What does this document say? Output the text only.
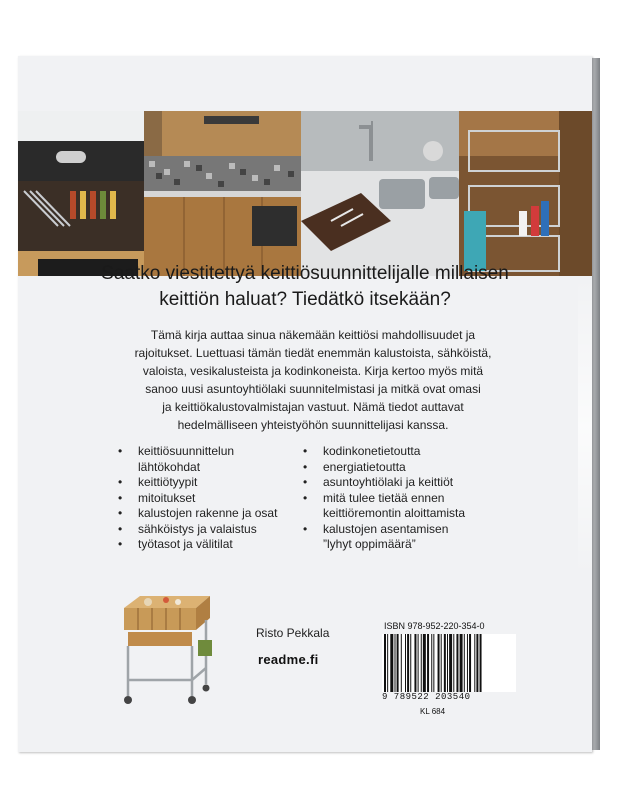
Saatko viestitettyä keittiösuunnittelijalle millaisen
keittiön haluat? Tiedätkö itsekään?
Tämä kirja auttaa sinua näkemään keittiösi mahdollisuudet ja
rajoitukset. Luettuasi tämän tiedät enemmän kalustoista, sähköistä,
valoista, vesikalusteista ja kodinkoneista. Kirja kertoo myös mitä
sanoo uusi asuntoyhtiölaki suunnitelmistasi ja mitkä ovat omasi
ja keittiökalustovalmistajan vastuut. Nämä tiedot auttavat
hedelmälliseen yhteistyöhön suunnittelijasi kanssa.
• keittiösuunnittelun
lähtökohdat
• keittiötyypit
• mitoitukset
• kalustojen rakenne ja osat
• sähköistys ja valaistus
• työtasot ja välitilat
• kodinkonetietoutta
• energiatietoutta
• asuntoyhtiölaki ja keittiöt
• mitä tulee tietää ennen
keittiöremontin aloittamista
• kalustojen asentamisen
”lyhyt oppimäärä”
Risto Pekkala
readme.fi
ISBN 978-952-220-354-0
9 789522 203540
KL 684
